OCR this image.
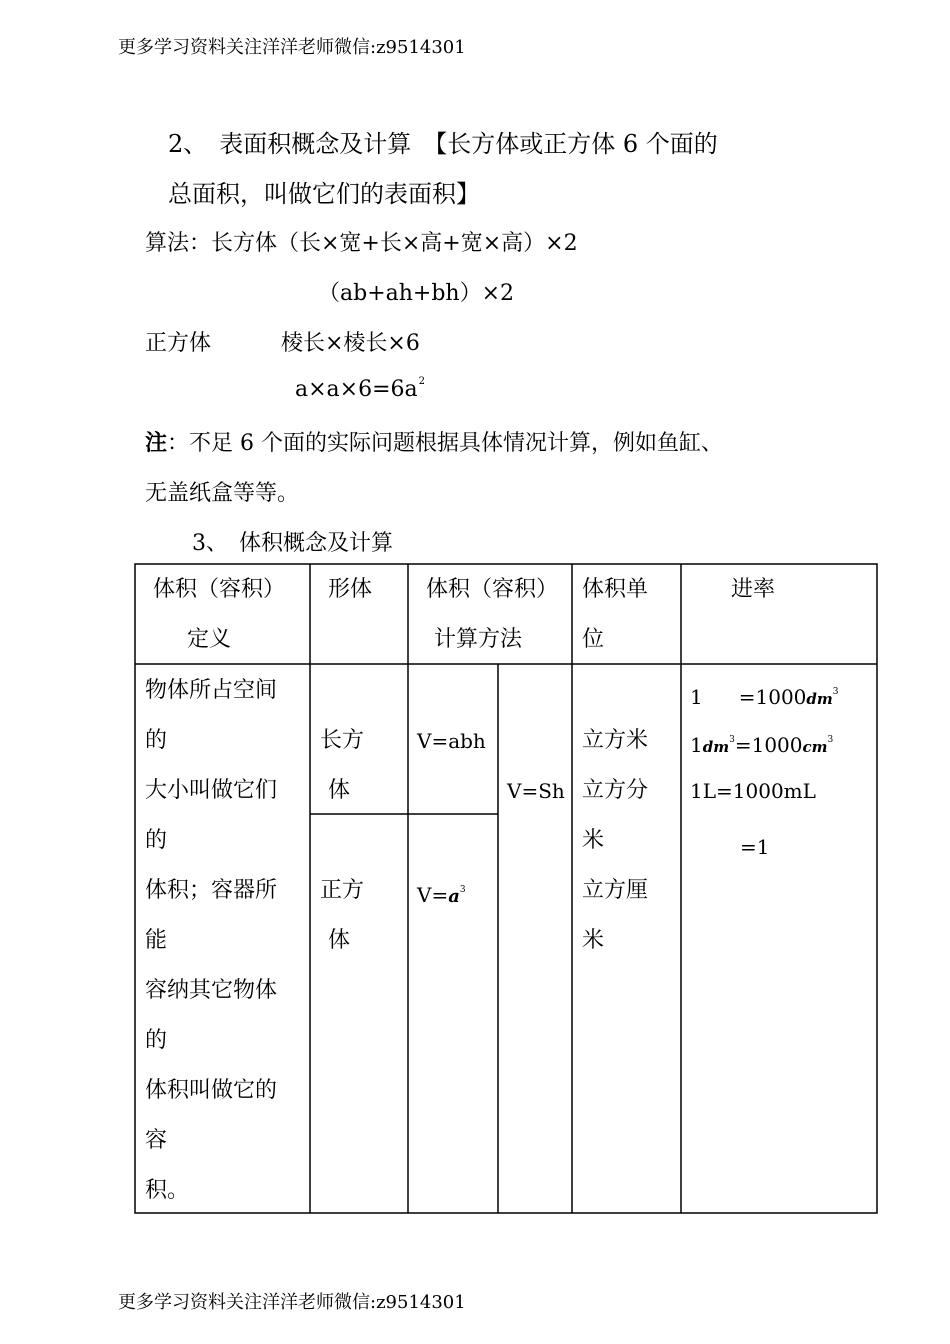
更多学习资料关注洋洋老师微信:z9514301
2、　表面积概念及计算　【长方体或正方体 6 个面的
总面积，叫做它们的表面积】
算法：长方体（长×宽+长×高+宽×高）×2
（ab+ah+bh）×2
正方体	棱长×棱长×6
$a\times a\times 6=6a^2$
注：不足 6 个面的实际问题根据具体情况计算，例如鱼缸、
无盖纸盒等等。
3、　体积概念及计算
体积（容积）
定义
形体 体积（容积）
计算方法
体积单
位
进率
物体所占空间
的
大小叫做它们
的
体积；容器所
能
容纳其它物体
的
体积叫做它的
容
积。
长方
体
正方
体
V=abh
$V=a^3$
V=Sh
立方米
立方分
米
立方厘
米
$1 =1000dm^3$
$1dm^3=1000cm^3$
1L=1000mL
=1
更多学习资料关注洋洋老师微信:z9514301
